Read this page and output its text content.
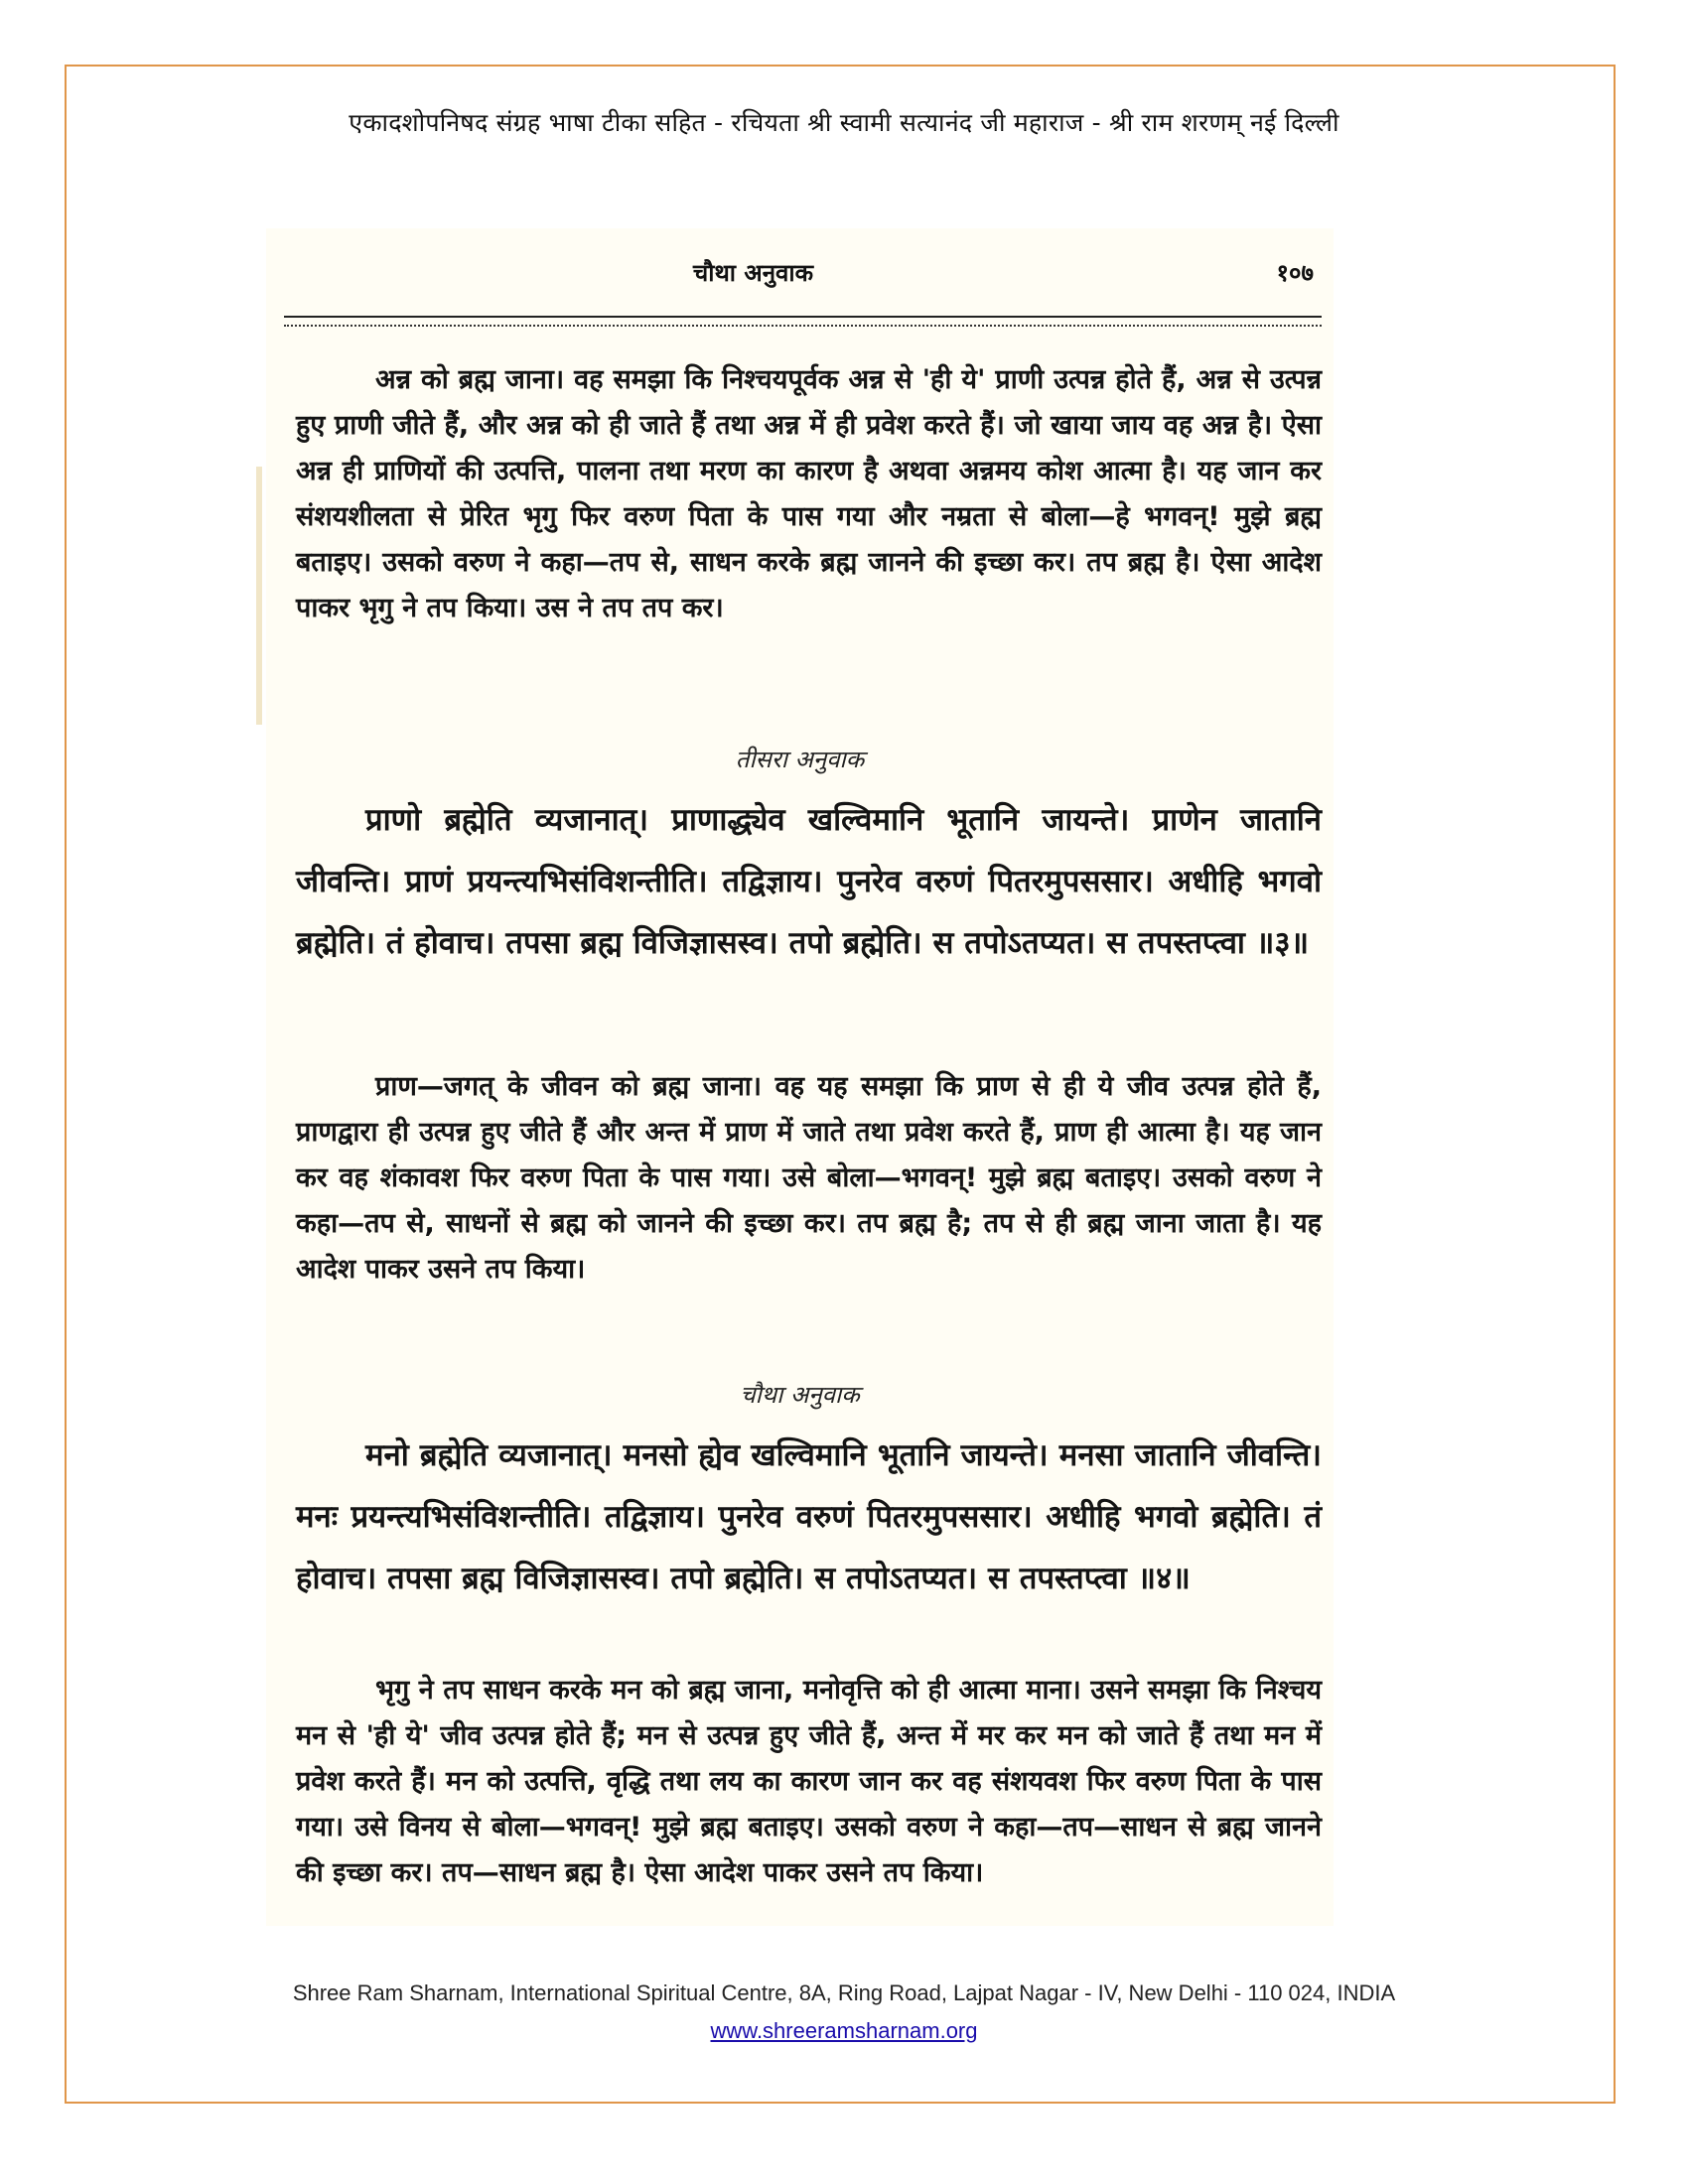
एकादशोपनिषद संग्रह भाषा टीका सहित - रचियता श्री स्वामी सत्यानंद जी महाराज - श्री राम शरणम् नई दिल्ली
चौथा अनुवाक	१०७

अन्न को ब्रह्म जाना। वह समझा कि निश्चयपूर्वक अन्न से 'ही ये' प्राणी उत्पन्न होते हैं, अन्न से उत्पन्न हुए प्राणी जीते हैं, और अन्न को ही जाते हैं तथा अन्न में ही प्रवेश करते हैं। जो खाया जाय वह अन्न है। ऐसा अन्न ही प्राणियों की उत्पत्ति, पालना तथा मरण का कारण है अथवा अन्नमय कोश आत्मा है। यह जान कर संशयशीलता से प्रेरित भृगु फिर वरुण पिता के पास गया और नम्रता से बोला—हे भगवन्! मुझे ब्रह्म बताइए। उसको वरुण ने कहा—तप से, साधन करके ब्रह्म जानने की इच्छा कर। तप ब्रह्म है। ऐसा आदेश पाकर भृगु ने तप किया। उस ने तप तप कर।

तीसरा अनुवाक

प्राणो ब्रह्मेति व्यजानात्। प्राणाद्ध्येव खल्विमानि भूतानि जायन्ते। प्राणेन जातानि जीवन्ति। प्राणं प्रयन्त्यभिसंविशन्तीति। तद्विज्ञाय। पुनरेव वरुणं पितरमुपससार। अधीहि भगवो ब्रह्मेति। तं होवाच। तपसा ब्रह्म विजिज्ञासस्व। तपो ब्रह्मेति। स तपोऽतप्यत। स तपस्तप्त्वा ॥३॥

प्राण—जगत् के जीवन को ब्रह्म जाना। वह यह समझा कि प्राण से ही ये जीव उत्पन्न होते हैं, प्राणद्वारा ही उत्पन्न हुए जीते हैं और अन्त में प्राण में जाते तथा प्रवेश करते हैं, प्राण ही आत्मा है। यह जान कर वह शंकावश फिर वरुण पिता के पास गया। उसे बोला—भगवन्! मुझे ब्रह्म बताइए। उसको वरुण ने कहा—तप से, साधनों से ब्रह्म को जानने की इच्छा कर। तप ब्रह्म है; तप से ही ब्रह्म जाना जाता है। यह आदेश पाकर उसने तप किया।

चौथा अनुवाक

मनो ब्रह्मेति व्यजानात्। मनसो ह्येव खल्विमानि भूतानि जायन्ते। मनसा जातानि जीवन्ति। मनः प्रयन्त्यभिसंविशन्तीति। तद्विज्ञाय। पुनरेव वरुणं पितरमुपससार। अधीहि भगवो ब्रह्मेति। तं होवाच। तपसा ब्रह्म विजिज्ञासस्व। तपो ब्रह्मेति। स तपोऽतप्यत। स तपस्तप्त्वा ॥४॥

भृगु ने तप साधन करके मन को ब्रह्म जाना, मनोवृत्ति को ही आत्मा माना। उसने समझा कि निश्चय मन से 'ही ये' जीव उत्पन्न होते हैं; मन से उत्पन्न हुए जीते हैं, अन्त में मर कर मन को जाते हैं तथा मन में प्रवेश करते हैं। मन को उत्पत्ति, वृद्धि तथा लय का कारण जान कर वह संशयवश फिर वरुण पिता के पास गया। उसे विनय से बोला—भगवन्! मुझे ब्रह्म बताइए। उसको वरुण ने कहा—तप—साधन से ब्रह्म जानने की इच्छा कर। तप—साधन ब्रह्म है। ऐसा आदेश पाकर उसने तप किया।

Shree Ram Sharnam, International Spiritual Centre, 8A, Ring Road, Lajpat Nagar - IV, New Delhi - 110 024, INDIA
www.shreeramsharnam.org
